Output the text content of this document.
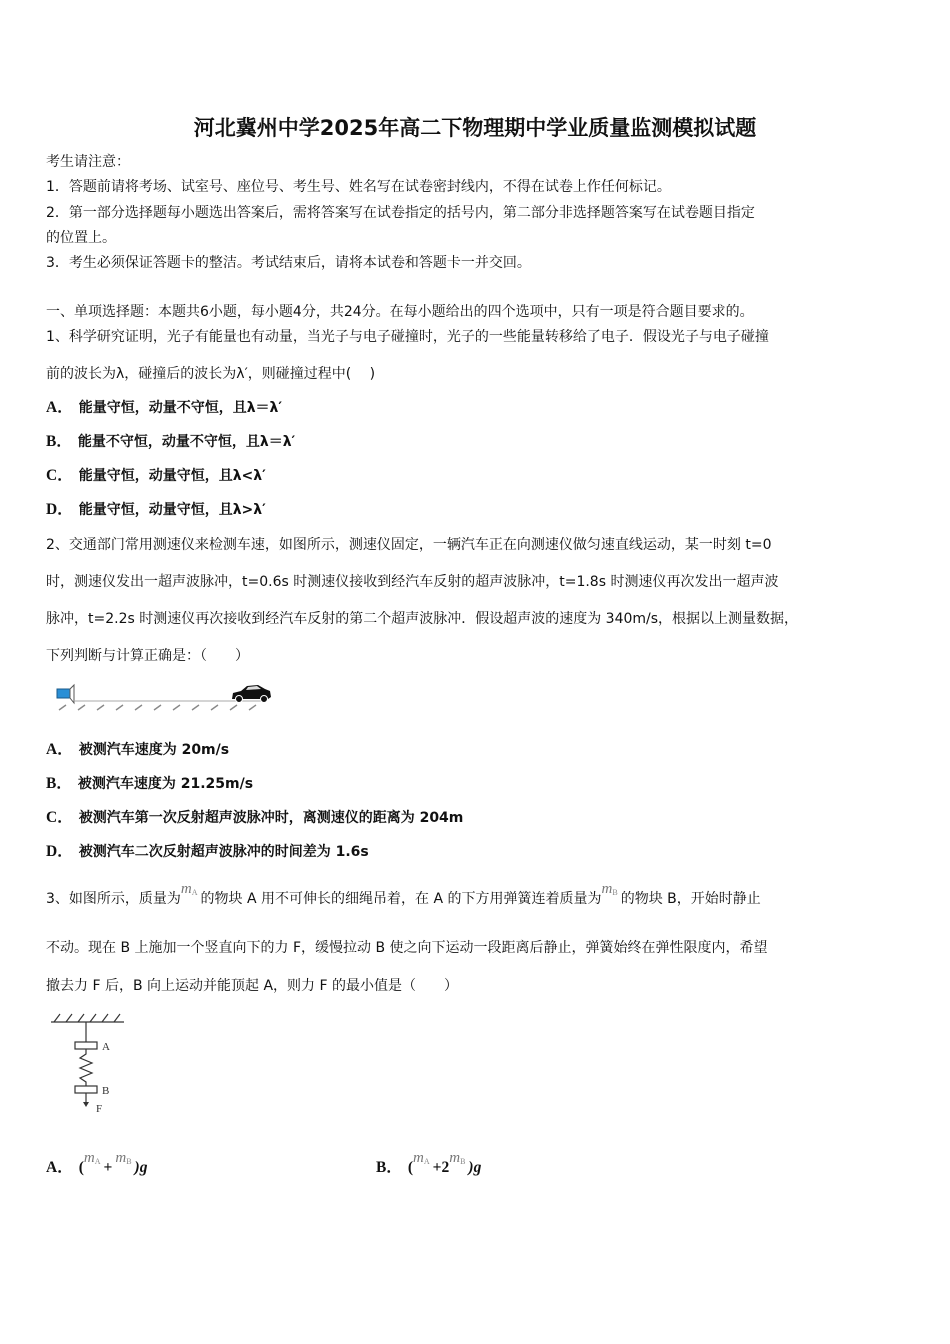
河北冀州中学2025年高二下物理期中学业质量监测模拟试题
考生请注意：
1．答题前请将考场、试室号、座位号、考生号、姓名写在试卷密封线内，不得在试卷上作任何标记。
2．第一部分选择题每小题选出答案后，需将答案写在试卷指定的括号内，第二部分非选择题答案写在试卷题目指定
的位置上。
3．考生必须保证答题卡的整洁。考试结束后，请将本试卷和答题卡一并交回。
一、单项选择题：本题共6小题，每小题4分，共24分。在每小题给出的四个选项中，只有一项是符合题目要求的。
1、科学研究证明，光子有能量也有动量，当光子与电子碰撞时，光子的一些能量转移给了电子．假设光子与电子碰撞
前的波长为λ，碰撞后的波长为λ′，则碰撞过程中(　 )
A． 能量守恒，动量不守恒，且λ＝λ′
B． 能量不守恒，动量不守恒，且λ＝λ′
C． 能量守恒，动量守恒，且λ<λ′
D． 能量守恒，动量守恒，且λ>λ′
2、交通部门常用测速仪来检测车速，如图所示，测速仪固定，一辆汽车正在向测速仪做匀速直线运动，某一时刻 t=0
时，测速仪发出一超声波脉冲，t=0.6s 时测速仪接收到经汽车反射的超声波脉冲，t=1.8s 时测速仪再次发出一超声波
脉冲，t=2.2s 时测速仪再次接收到经汽车反射的第二个超声波脉冲．假设超声波的速度为 340m/s，根据以上测量数据，
下列判断与计算正确是：（　　）
A． 被测汽车速度为 20m/s
B． 被测汽车速度为 21.25m/s
C． 被测汽车第一次反射超声波脉冲时，离测速仪的距离为 204m
D． 被测汽车二次反射超声波脉冲的时间差为 1.6s
3、如图所示，质量为$m^A$ 的物块 A 用不可伸长的细绳吊着，在 A 的下方用弹簧连着质量为$m^B$ 的物块 B，开始时静止
不动。现在 B 上施加一个竖直向下的力 F，缓慢拉动 B 使之向下运动一段距离后静止，弹簧始终在弹性限度内，希望
撤去力 F 后，B 向上运动并能顶起 A，则力 F 的最小值是（　　）
A
B
F
A． ($m^A +m^B$ )g	B． ($m^A +2m^B$ )g
